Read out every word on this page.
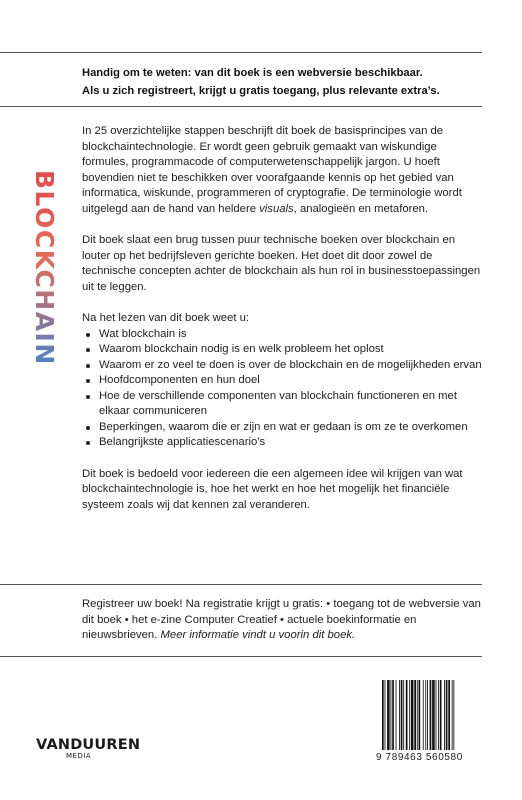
Handig om te weten: van dit boek is een webversie beschikbaar.
Als u zich registreert, krijgt u gratis toegang, plus relevante extra’s.
BLOCKCHAIN

In 25 overzichtelijke stappen beschrijft dit boek de basisprincipes van de blockchaintechnologie. Er wordt geen gebruik gemaakt van wiskundige formules, programmacode of computerwetenschappelijk jargon. U hoeft bovendien niet te beschikken over voorafgaande kennis op het gebied van informatica, wiskunde, programmeren of cryptografie. De terminologie wordt uitgelegd aan de hand van heldere visuals, analogieën en metaforen.

Dit boek slaat een brug tussen puur technische boeken over blockchain en louter op het bedrijfsleven gerichte boeken. Het doet dit door zowel de technische concepten achter de blockchain als hun rol in businesstoepassingen uit te leggen.

Na het lezen van dit boek weet u:

Wat blockchain is
Waarom blockchain nodig is en welk probleem het oplost
Waarom er zo veel te doen is over de blockchain en de mogelijkheden ervan
Hoofdcomponenten en hun doel
Hoe de verschillende componenten van blockchain functioneren en met elkaar communiceren
Beperkingen, waarom die er zijn en wat er gedaan is om ze te overkomen
Belangrijkste applicatiescenario’s

Dit boek is bedoeld voor iedereen die een algemeen idee wil krijgen van wat blockchaintechnologie is, hoe het werkt en hoe het mogelijk het financiële systeem zoals wij dat kennen zal veranderen.

Registreer uw boek! Na registratie krijgt u gratis: • toegang tot de webversie van dit boek • het e-zine Computer Creatief • actuele boekinformatie en nieuwsbrieven. Meer informatie vindt u voorin dit boek.
9 789463 560580
VANDUUREN
MEDIA
